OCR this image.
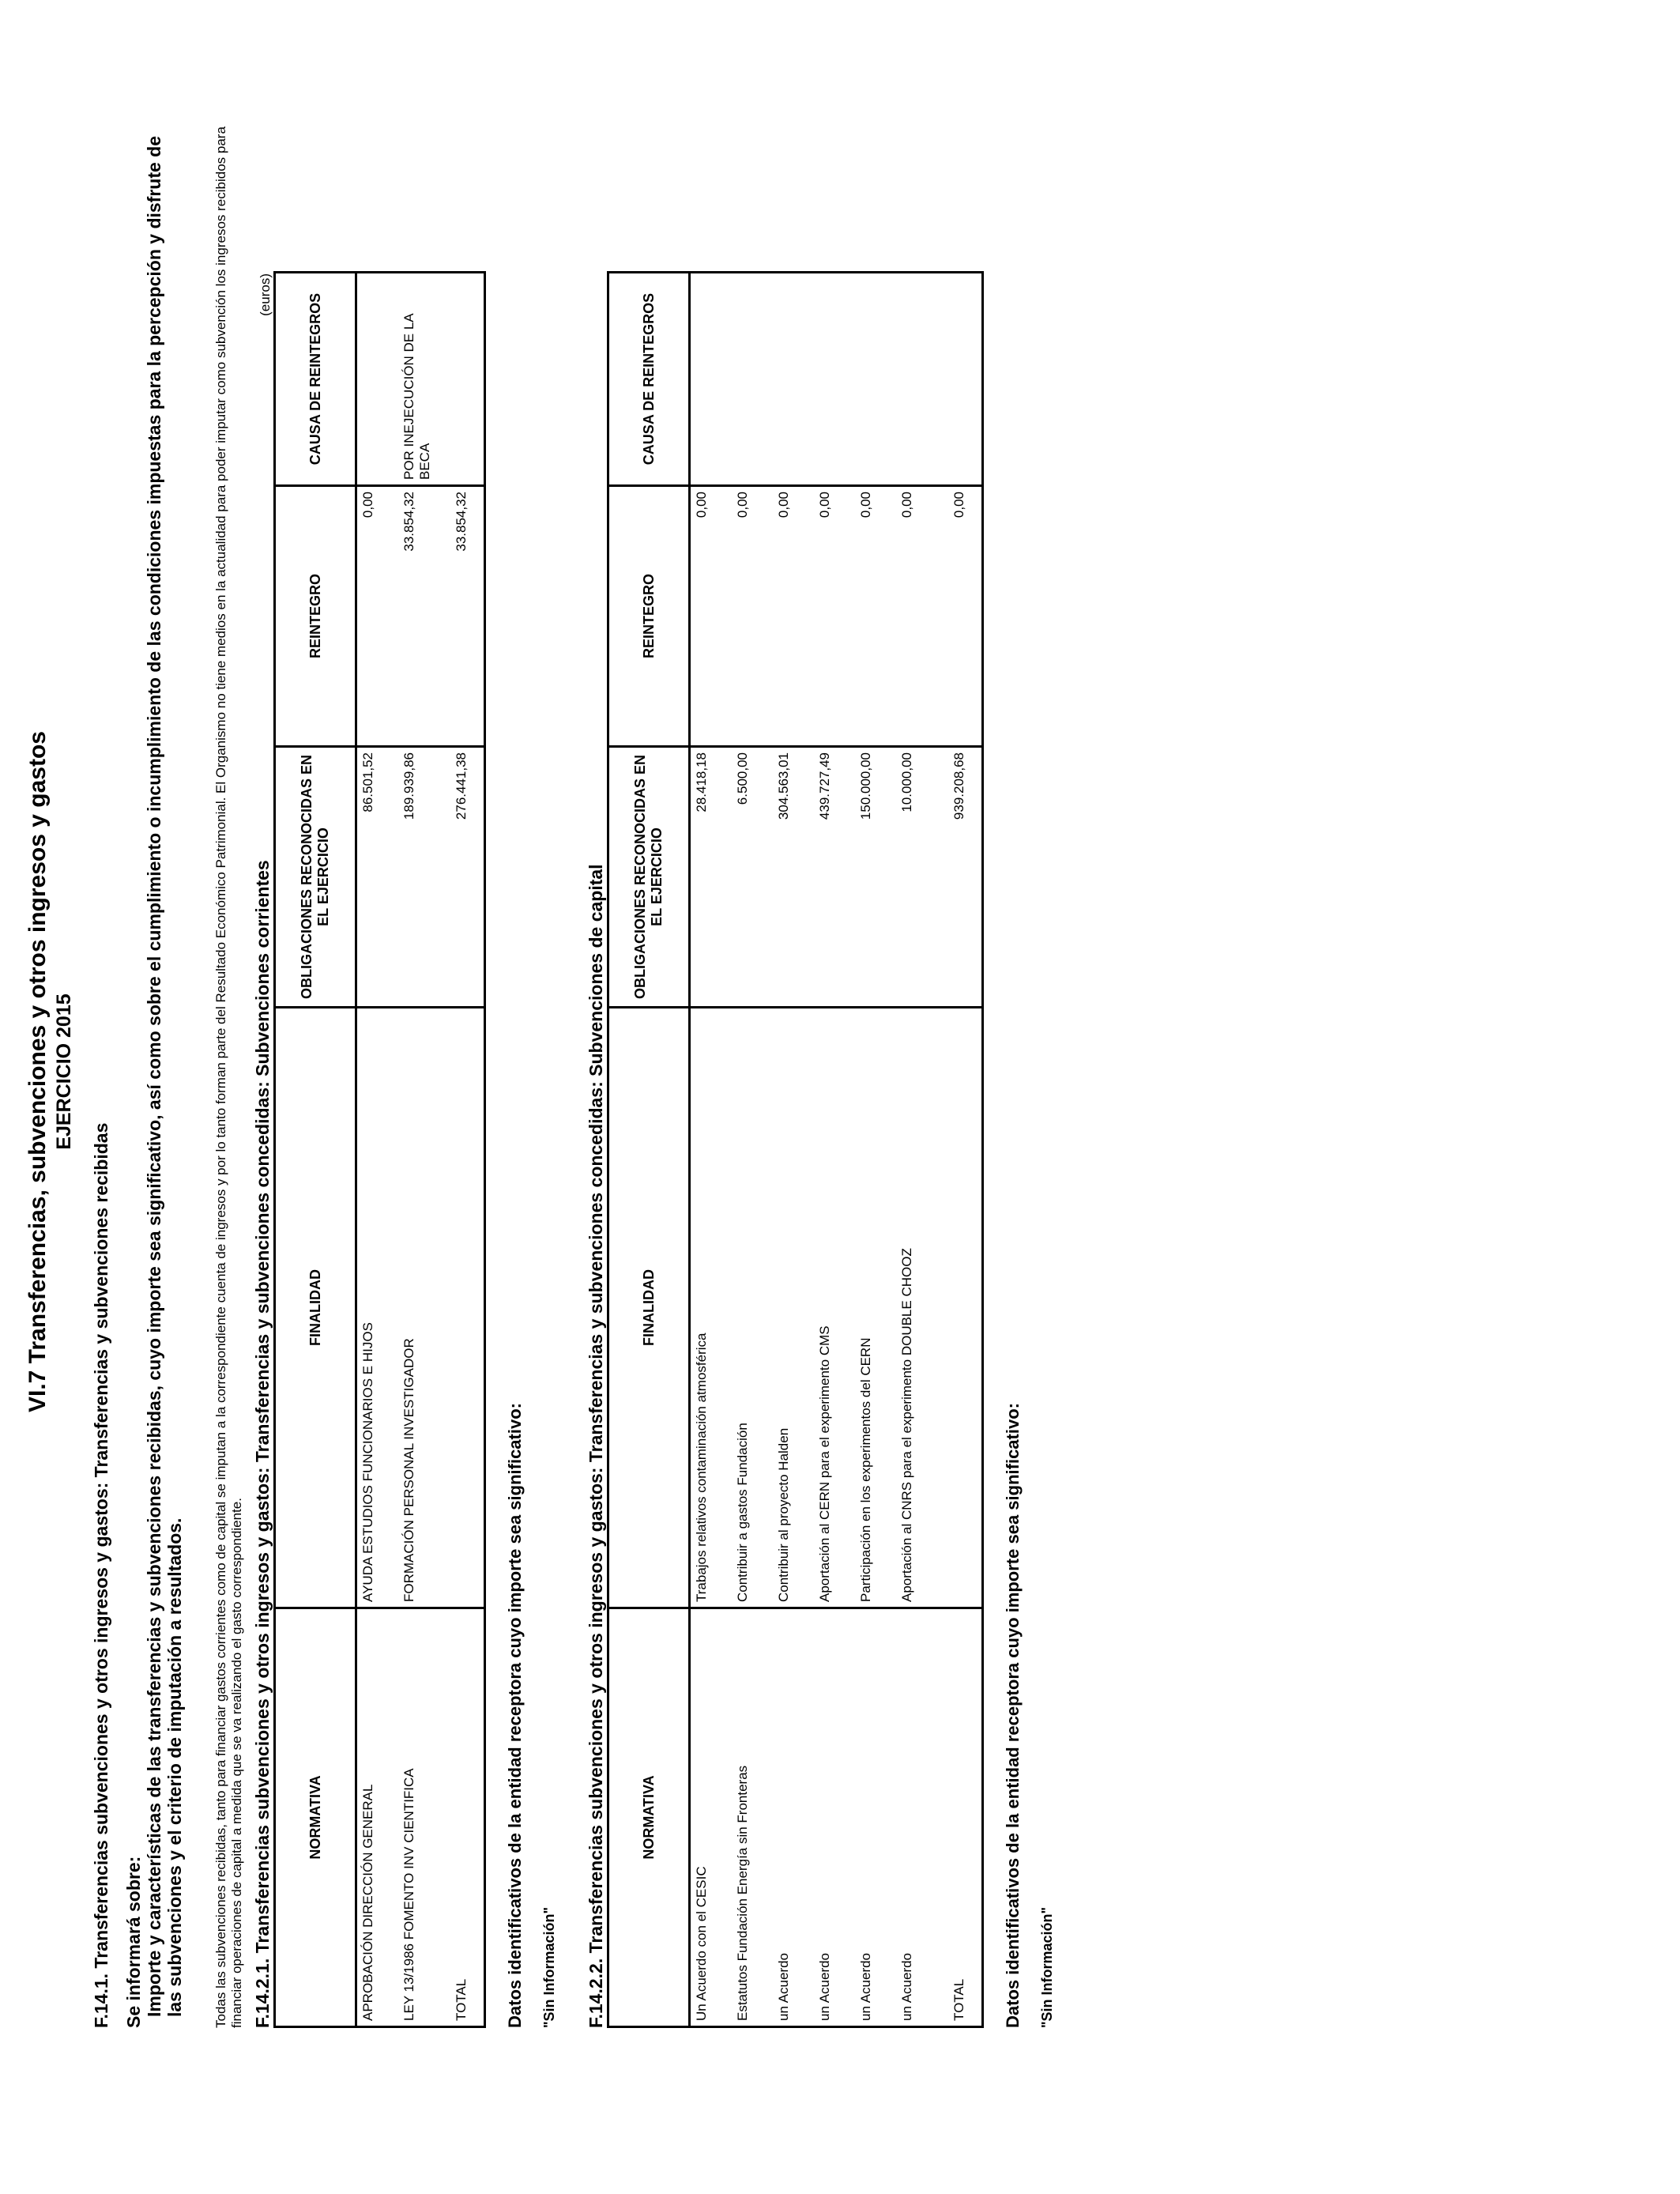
VI.7 Transferencias, subvenciones y otros ingresos y gastos EJERCICIO 2015
F.14.1. Transferencias subvenciones y otros ingresos y gastos: Transferencias y subvenciones recibidas Se informará sobre: Importe y características de las transferencias y subvenciones recibidas, cuyo importe sea significativo, así como sobre el cumplimiento o incumplimiento de las condiciones impuestas para la percepción y disfrute de las subvenciones y el criterio de imputación a resultados. Todas las subvenciones recibidas, tanto para financiar gastos corrientes como de capital se imputan a la correspondiente cuenta de ingresos y por lo tanto forman parte del Resultado Económico Patrimonial. El Organismo no tiene medios en la actualidad para poder imputar como subvención los ingresos recibidos para financiar operaciones de capital a medida que se va realizando el gasto correspondiente. F.14.2.1. Transferencias subvenciones y otros ingresos y gastos: Transferencias y subvenciones concedidas: Subvenciones corrientes
(euros)
NORMATIVA	FINALIDAD	OBLIGACIONES RECONOCIDAS EN EL EJERCICIO	REINTEGRO	CAUSA DE REINTEGROS
APROBACIÓN DIRECCIÓN GENERAL	AYUDA ESTUDIOS FUNCIONARIOS E HIJOS	86.501,52	0,00	
LEY 13/1986 FOMENTO INV CIENTIFICA	FORMACIÓN PERSONAL INVESTIGADOR	189.939,86	33.854,32	POR INEJECUCIÓN DE LA BECA
TOTAL		276.441,38	33.854,32	
Datos identificativos de la entidad receptora cuyo importe sea significativo: "Sin Información" F.14.2.2. Transferencias subvenciones y otros ingresos y gastos: Transferencias y subvenciones concedidas: Subvenciones de capital NORMATIVA	FINALIDAD	OBLIGACIONES RECONOCIDAS EN EL EJERCICIO	REINTEGRO	CAUSA DE REINTEGROS
Un Acuerdo con el CESIC	Trabajos relativos contaminación atmosférica	28.418,18	0,00	
Estatutos Fundación Energía sin Fronteras	Contribuir a gastos Fundación	6.500,00	0,00	
un Acuerdo	Contribuir al proyecto Halden	304.563,01	0,00	
un Acuerdo	Aportación al CERN para el experimento CMS	439.727,49	0,00	
un Acuerdo	Participación en los experimentos del CERN	150.000,00	0,00	
un Acuerdo	Aportación al CNRS para el experimento DOUBLE CHOOZ	10.000,00	0,00	
TOTAL		939.208,68	0,00	
Datos identificativos de la entidad receptora cuyo importe sea significativo: "Sin Información"
